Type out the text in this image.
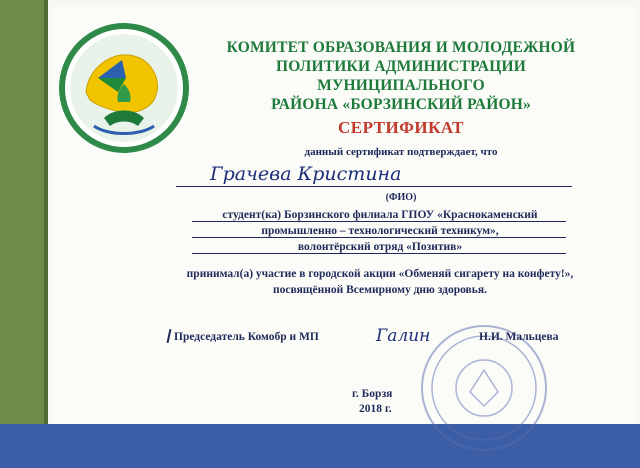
КОМИТЕТ ОБРАЗОВАНИЯ И МОЛОДЕЖНОЙ
ПОЛИТИКИ АДМИНИСТРАЦИИ МУНИЦИПАЛЬНОГО
РАЙОНА «БОРЗИНСКИЙ РАЙОН»
СЕРТИФИКАТ
данный сертификат подтверждает, что
Грачева Кристина
(ФИО)
студент(ка) Борзинского филиала ГПОУ «Краснокаменский
промышленно – технологический техникум»,
волонтёрский отряд «Позитив»
принимал(а) участие в городской акции «Обменяй сигарету на конфету!»,
посвящённой Всемирному дню здоровья.
Председатель Комобр и МП	Галин	Н.И. Мальцева
г. Борзя
2018 г.
